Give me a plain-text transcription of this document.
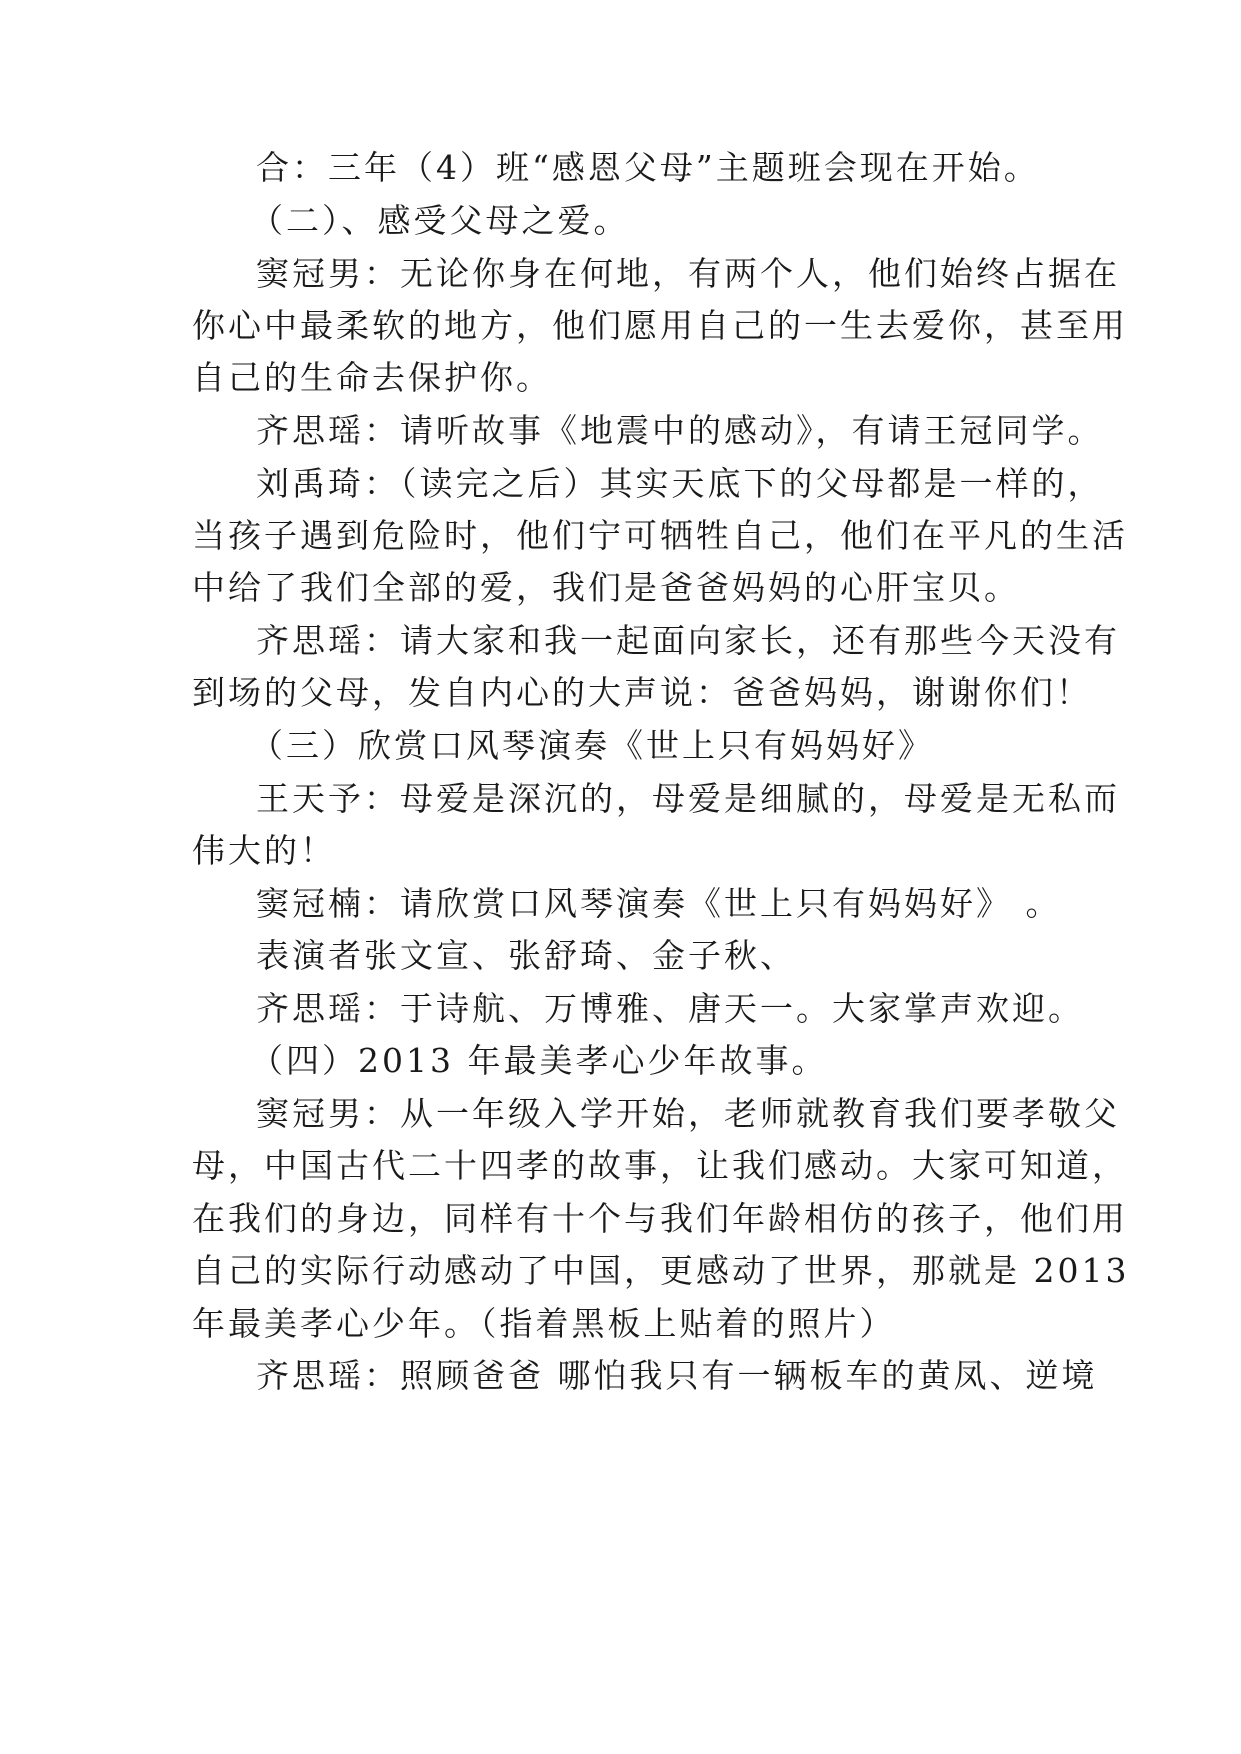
合：三年（4）班“感恩父母”主题班会现在开始。
（二）、感受父母之爱。
窦冠男：无论你身在何地，有两个人，他们始终占据在
你心中最柔软的地方，他们愿用自己的一生去爱你，甚至用
自己的生命去保护你。
齐思瑶：请听故事《地震中的感动》，有请王冠同学。
刘禹琦：（读完之后）其实天底下的父母都是一样的，
当孩子遇到危险时，他们宁可牺牲自己，他们在平凡的生活
中给了我们全部的爱，我们是爸爸妈妈的心肝宝贝。
齐思瑶：请大家和我一起面向家长，还有那些今天没有
到场的父母，发自内心的大声说：爸爸妈妈，谢谢你们！
（三）欣赏口风琴演奏《世上只有妈妈好》
王天予：母爱是深沉的，母爱是细腻的，母爱是无私而
伟大的！
窦冠楠：请欣赏口风琴演奏《世上只有妈妈好》 。
表演者张文宣、张舒琦、金子秋、
齐思瑶：于诗航、万博雅、唐天一。大家掌声欢迎。
（四）2013 年最美孝心少年故事。
窦冠男：从一年级入学开始，老师就教育我们要孝敬父
母，中国古代二十四孝的故事，让我们感动。大家可知道，
在我们的身边，同样有十个与我们年龄相仿的孩子，他们用
自己的实际行动感动了中国，更感动了世界，那就是 2013
年最美孝心少年。（指着黑板上贴着的照片）
齐思瑶：照顾爸爸 哪怕我只有一辆板车的黄凤、逆境
